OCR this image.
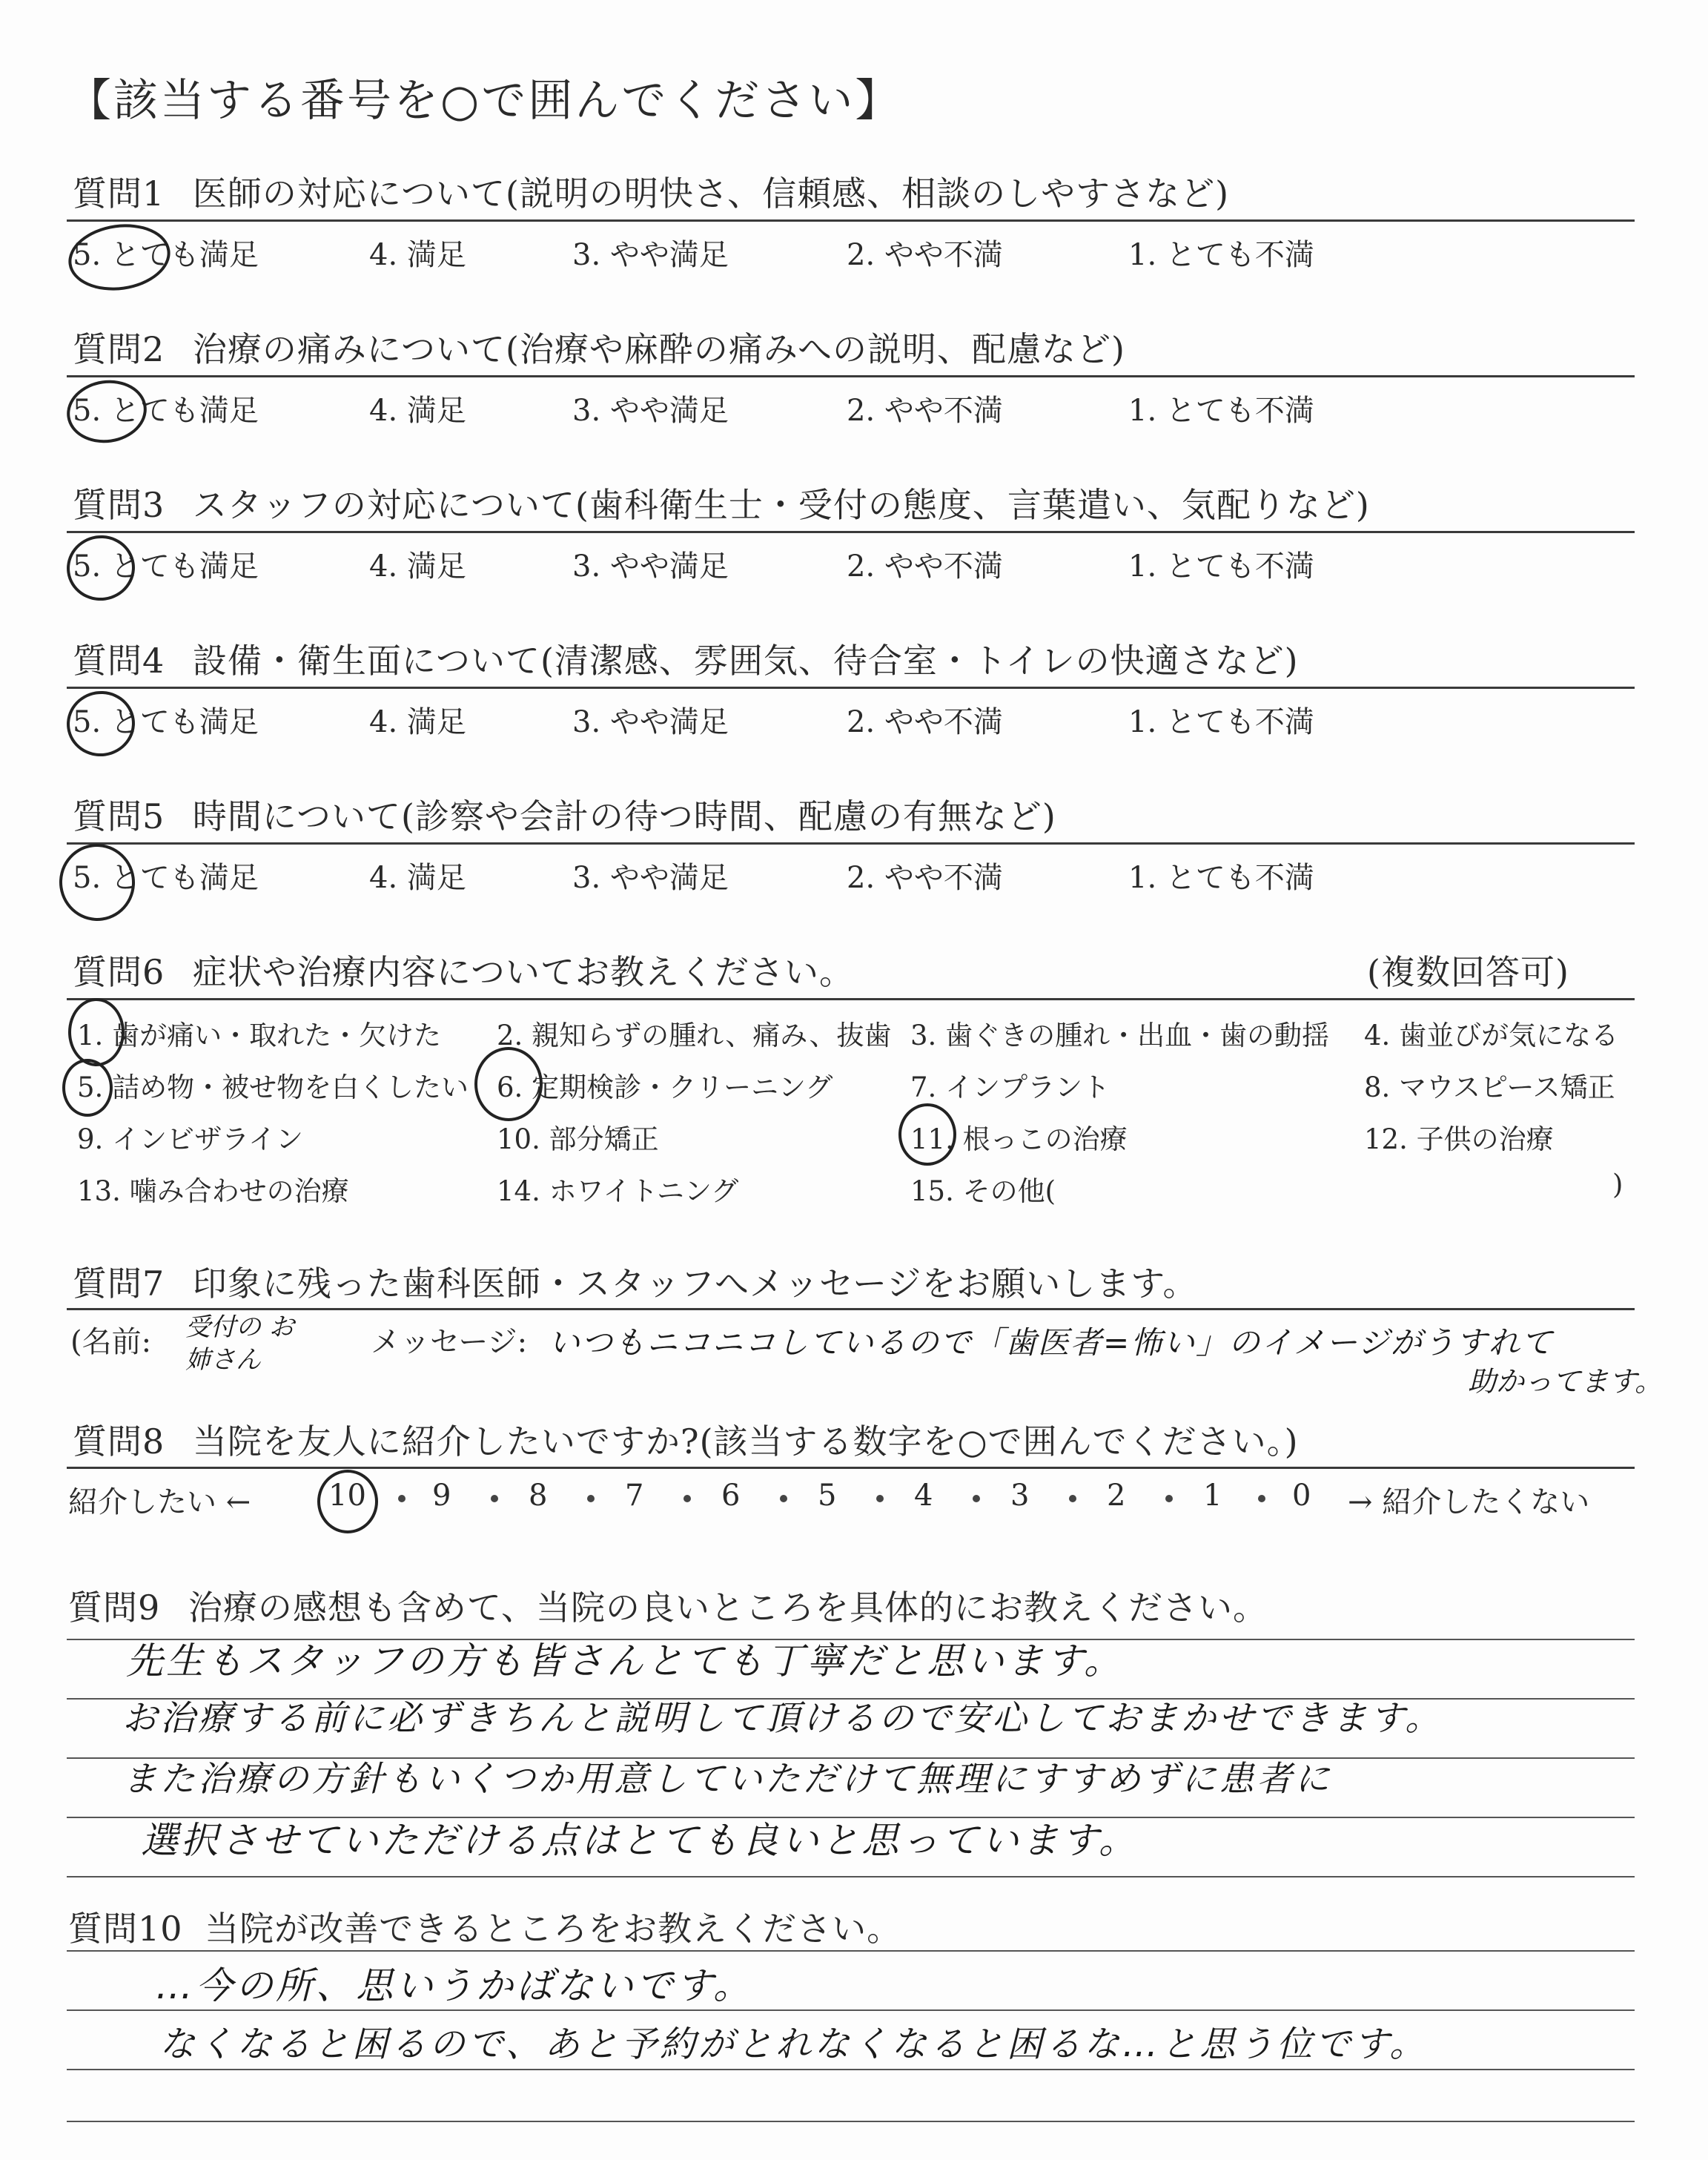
【該当する番号を○で囲んでください】
質問1 医師の対応について(説明の明快さ、信頼感、相談のしやすさなど)
5. とても満足	4. 満足	3. やや満足	2. やや不満	1. とても不満
質問2 治療の痛みについて(治療や麻酔の痛みへの説明、配慮など)
5. とても満足	4. 満足	3. やや満足	2. やや不満	1. とても不満
質問3 スタッフの対応について(歯科衛生士・受付の態度、言葉遣い、気配りなど)
5. とても満足	4. 満足	3. やや満足	2. やや不満	1. とても不満
質問4 設備・衛生面について(清潔感、雰囲気、待合室・トイレの快適さなど)
5. とても満足	4. 満足	3. やや満足	2. やや不満	1. とても不満
質問5 時間について(診察や会計の待つ時間、配慮の有無など)
5. とても満足	4. 満足	3. やや満足	2. やや不満	1. とても不満
質問6 症状や治療内容についてお教えください。	(複数回答可)
1. 歯が痛い・取れた・欠けた 2. 親知らずの腫れ、痛み、抜歯 3. 歯ぐきの腫れ・出血・歯の動揺 4. 歯並びが気になる
5. 詰め物・被せ物を白くしたい 6. 定期検診・クリーニング	7. インプラント	8. マウスピース矯正
9. インビザライン	10. 部分矯正	11. 根っこの治療	12. 子供の治療
13. 噛み合わせの治療	14. ホワイトニング	15. その他(	)
質問7 印象に残った歯科医師・スタッフへメッセージをお願いします。
(名前: 受付の お姉さん
メッセージ: いつもニコニコしているので「歯医者=怖い」のイメージがうすれて
助かってます。
質問8 当院を友人に紹介したいですか?(該当する数字を○で囲んでください。)
紹介したい ←	10 9	8	7	6	5	4	3	2	1 0 → 紹介したくない
質問9 治療の感想も含めて、当院の良いところを具体的にお教えください。
先生もスタッフの方も皆さんとても丁寧だと思います。
お治療する前に必ずきちんと説明して頂けるので安心しておまかせできます。
また治療の方針もいくつか用意していただけて無理にすすめずに患者に
選択させていただける点はとても良いと思っています。
質問10 当院が改善できるところをお教えください。
…今の所、思いうかばないです。
なくなると困るので、あと予約がとれなくなると困るな…と思う位です。
